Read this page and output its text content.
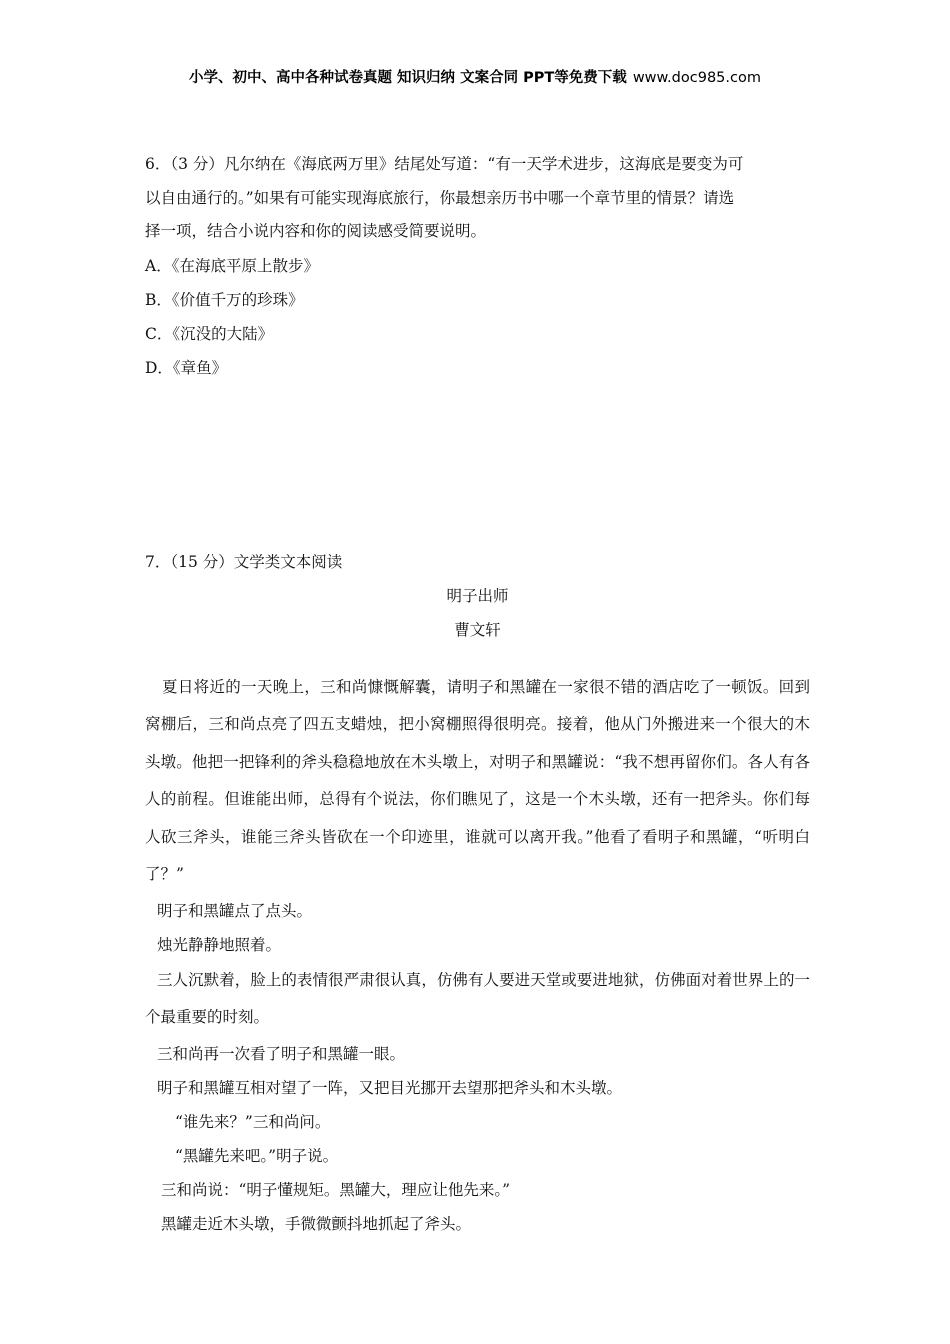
小学、初中、高中各种试卷真题 知识归纳 文案合同 PPT等免费下载 www.doc985.com
6．（3 分）凡尔纳在《海底两万里》结尾处写道：“有一天学术进步，这海底是要变为可
以自由通行的。”如果有可能实现海底旅行，你最想亲历书中哪一个章节里的情景？请选
择一项，结合小说内容和你的阅读感受简要说明。
A．《在海底平原上散步》
B．《价值千万的珍珠》
C．《沉没的大陆》
D．《章鱼》
7．（15 分）文学类文本阅读
明子出师
曹文轩
夏日将近的一天晚上，三和尚慷慨解囊，请明子和黑罐在一家很不错的酒店吃了一顿饭。回到窝棚后，三和尚点亮了四五支蜡烛，把小窝棚照得很明亮。接着，他从门外搬进来一个很大的木头墩。他把一把锋利的斧头稳稳地放在木头墩上，对明子和黑罐说：“我不想再留你们。各人有各人的前程。但谁能出师，总得有个说法，你们瞧见了，这是一个木头墩，还有一把斧头。你们每人砍三斧头，谁能三斧头皆砍在一个印迹里，谁就可以离开我。”他看了看明子和黑罐，“听明白了？”
明子和黑罐点了点头。
烛光静静地照着。
三人沉默着，脸上的表情很严肃很认真，仿佛有人要进天堂或要进地狱，仿佛面对着世界上的一个最重要的时刻。
三和尚再一次看了明子和黑罐一眼。
明子和黑罐互相对望了一阵，又把目光挪开去望那把斧头和木头墩。
“谁先来？”三和尚问。
“黑罐先来吧。”明子说。
三和尚说：“明子懂规矩。黑罐大，理应让他先来。”
黑罐走近木头墩，手微微颤抖地抓起了斧头。
